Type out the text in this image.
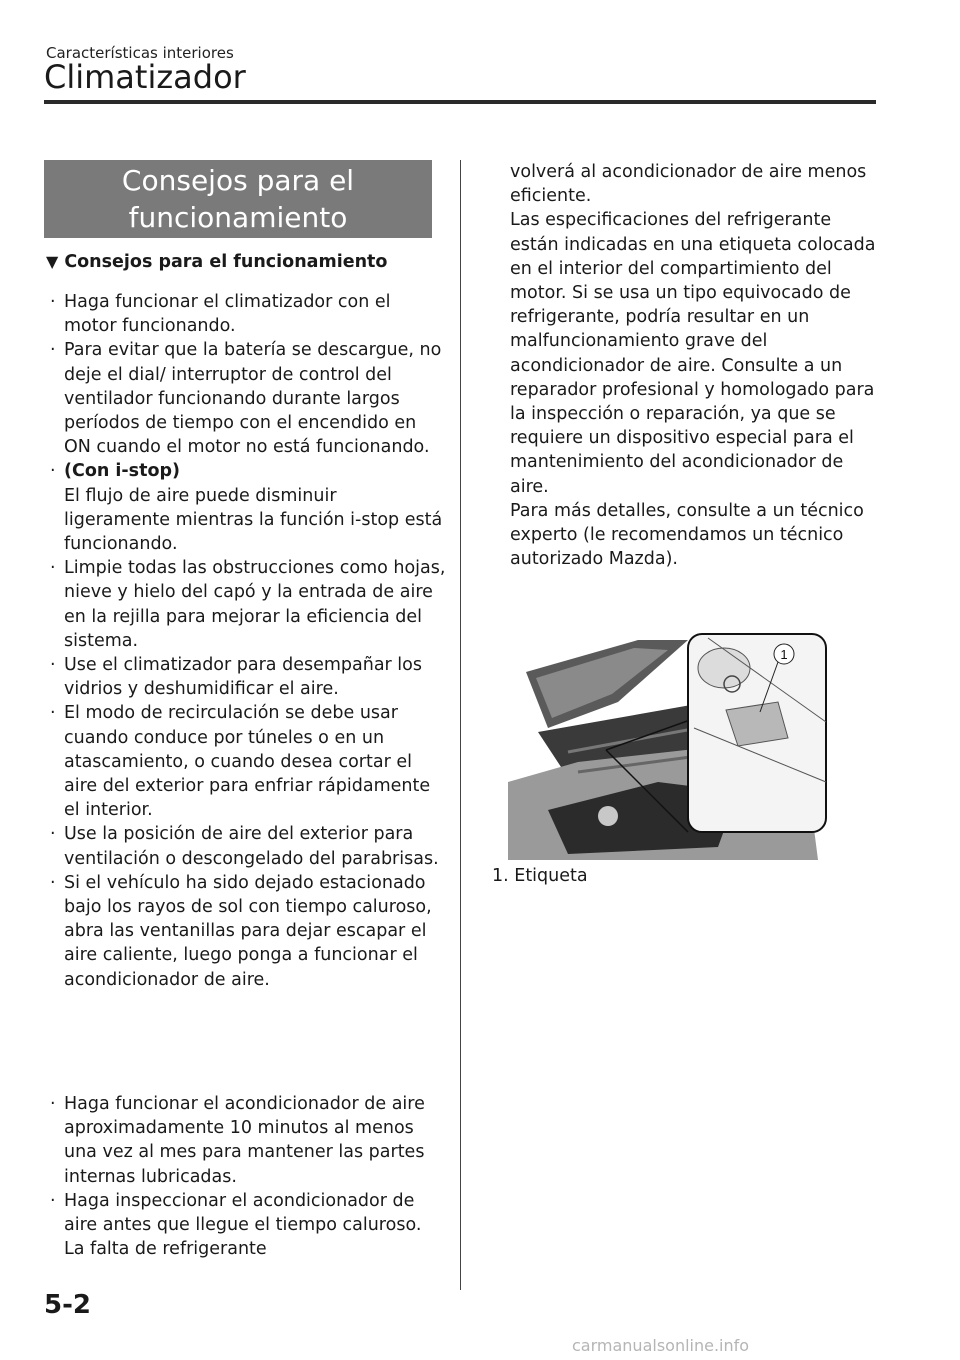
Características interiores
Climatizador
Consejos para el
funcionamiento
▼ Consejos para el funcionamiento
· Haga funcionar el climatizador con el motor funcionando.
· Para evitar que la batería se descargue, no deje el dial/ interruptor de control del ventilador funcionando durante largos períodos de tiempo con el encendido en ON cuando el motor no está funcionando.
· (Con i-stop)
El flujo de aire puede disminuir ligeramente mientras la función i-stop está funcionando.
· Limpie todas las obstrucciones como hojas, nieve y hielo del capó y la entrada de aire en la rejilla para mejorar la eficiencia del sistema.
· Use el climatizador para desempañar los vidrios y deshumidificar el aire.
· El modo de recirculación se debe usar cuando conduce por túneles o en un atascamiento, o cuando desea cortar el aire del exterior para enfriar rápidamente el interior.
· Use la posición de aire del exterior para ventilación o descongelado del parabrisas.
· Si el vehículo ha sido dejado estacionado bajo los rayos de sol con tiempo caluroso, abra las ventanillas para dejar escapar el aire caliente, luego ponga a funcionar el acondicionador de aire.
· Haga funcionar el acondicionador de aire aproximadamente 10 minutos al menos una vez al mes para mantener las partes internas lubricadas.
· Haga inspeccionar el acondicionador de aire antes que llegue el tiempo caluroso. La falta de refrigerante

volverá al acondicionador de aire menos eficiente.

Las especificaciones del refrigerante están indicadas en una etiqueta colocada en el interior del compartimiento del motor. Si se usa un tipo equivocado de refrigerante, podría resultar en un malfuncionamiento grave del acondicionador de aire. Consulte a un reparador profesional y homologado para la inspección o reparación, ya que se requiere un dispositivo especial para el mantenimiento del acondicionador de aire.

Para más detalles, consulte a un técnico experto (le recomendamos un técnico autorizado Mazda).

1
1. Etiqueta
5-2
carmanualsonline.info
